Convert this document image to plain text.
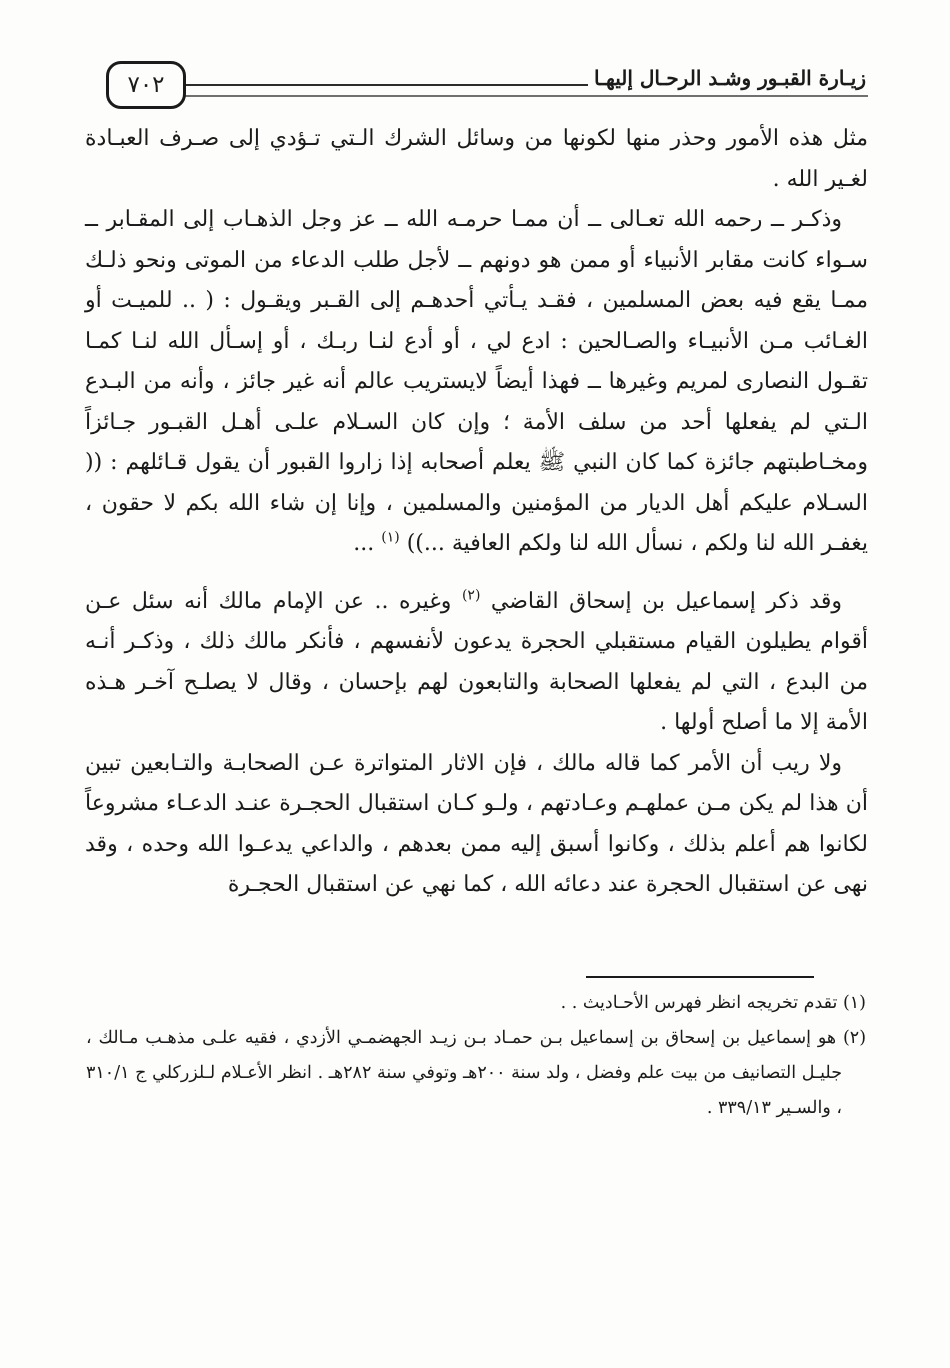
٧٠٢	زيـارة القبـور وشـد الرحـال إليهـا

مثل هذه الأمور وحذر منها لكونها من وسائل الشرك الـتي تـؤدي إلى صـرف العبـادة لغـير الله .

وذكـر ــ رحمه الله تعـالى ــ أن ممـا حرمـه الله ــ عز وجل الذهـاب إلى المقـابر ــ سـواء كانت مقابر الأنبياء أو ممن هو دونهم ــ لأجل طلب الدعاء من الموتى ونحو ذلـك ممـا يقع فيه بعض المسلمين ، فقـد يـأتي أحدهـم إلى القـبر ويقـول : ( .. للميـت أو الغـائب مـن الأنبيـاء والصـالحين : ادع لي ، أو أدع لنـا ربـك ، أو إسـأل الله لنـا كمـا تقـول النصارى لمريم وغيرها ــ فهذا أيضاً لايستريب عالم أنه غير جائز ، وأنه من البـدع الـتي لم يفعلها أحد من سلف الأمة ؛ وإن كان السـلام علـى أهـل القبـور جـائزاً ومخـاطبتهم جائزة كما كان النبي ﷺ يعلم أصحابه إذا زاروا القبور أن يقول قـائلهم : (( السـلام عليكم أهل الديار من المؤمنين والمسلمين ، وإنا إن شاء الله بكم لا حقون ، يغفـر الله لنا ولكم ، نسأل الله لنا ولكم العافية ...)) $^{(١)}$ ...

وقد ذكر إسماعيل بن إسحاق القاضي $^{(٢)}$ وغيره .. عن الإمام مالك أنه سئل عـن أقوام يطيلون القيام مستقبلي الحجرة يدعون لأنفسهم ، فأنكر مالك ذلك ، وذكـر أنـه من البدع ، التي لم يفعلها الصحابة والتابعون لهم بإحسان ، وقال لا يصلـح آخـر هـذه الأمة إلا ما أصلح أولها .

ولا ريب أن الأمر كما قاله مالك ، فإن الاثار المتواترة عـن الصحابـة والتـابعين تبين أن هذا لم يكن مـن عملهـم وعـادتهم ، ولـو كـان استقبال الحجـرة عنـد الدعـاء مشروعاً لكانوا هم أعلم بذلك ، وكانوا أسبق إليه ممن بعدهم ، والداعي يدعـوا الله وحده ، وقد نهى عن استقبال الحجرة عند دعائه الله ، كما نهي عن استقبال الحجـرة

(١) تقدم تخريجه انظر فهرس الأحـاديث . .

(٢) هو إسماعيل بن إسحاق بن إسماعيل بـن حمـاد بـن زيـد الجهضمـي الأزدي ، فقيه علـى مذهـب مـالك ، جليـل التصانيف من بيت علم وفضل ، ولد سنة ٢٠٠هـ وتوفي سنة ٢٨٢هـ . انظر الأعـلام لـلزركلي ج ٣١٠/١ ، والسـير ٣٣٩/١٣ .
